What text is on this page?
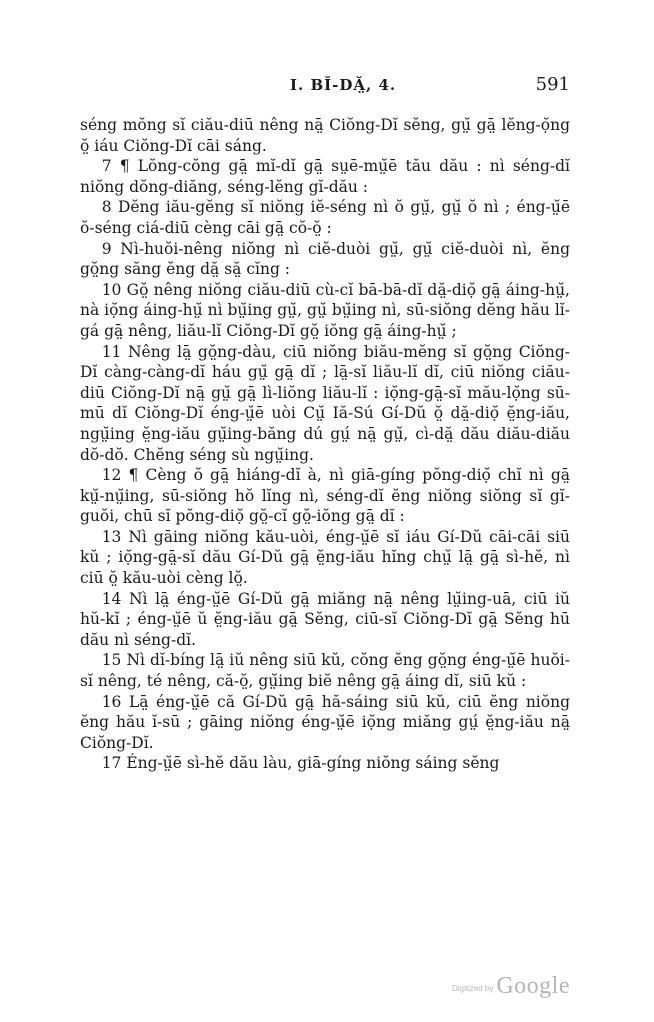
I. BĬ-DĂ̤, 4.	591

séng mŏng sĭ ciău-diū nêng nā̤ Ciŏng-Dĭ sĕng, gṳ̆ gā̤ lĕng-ọ̆ng ŏ̤ iáu Ciŏng-Dĭ cāi sáng.

7 ¶ Lŏng-cŏng gā̤ mĭ-dĭ gā̤ sṳē-mṳ̆ē tău dău : nì séng-dĭ niŏng dŏng-diăng, séng-lĕng gĭ-dău :

8 Dĕng iău-gĕng sĭ niŏng iĕ-séng nì ŏ gṳ̆, gṳ̆ ŏ nì ; éng-ṳ̆ē ŏ-séng ciá-diū cèng cāi gā̤ cŏ-ŏ̤ :

9 Nì-huŏi-nêng niŏng nì ciĕ-duòi gṳ̆, gṳ̆ ciĕ-duòi nì, ĕng gŏ̤ng săng ĕng dă̤ să̤ cĭng :

10 Gŏ̤ nêng niŏng ciău-diū cù-cĭ bā-bā-dĭ dă̤-diọ̆ gā̤ áing-hṳ̆, nà iọ̆ng áing-hṳ̆ nì bṳ̆ing gṳ̆, gṳ̆ bṳ̆ing nì, sū-siŏng dĕng hău lĭ-gá gā̤ nêng, liău-lĭ Ciŏng-Dĭ gŏ̤ iŏng gā̤ áing-hṳ̆ ;

11 Nêng lā̤ gŏ̤ng-dàu, ciū niŏng biău-mĕng sĭ gŏ̤ng Ciŏng-Dĭ càng-càng-dĭ háu gṳ̆ gā̤ dĭ ; lā̤-sĭ liău-lĭ dĭ, ciū niŏng ciău-diū Ciŏng-Dĭ nā̤ gṳ̆ gā̤ lì-liŏng liău-lĭ : iọ̆ng-gā̤-sĭ mău-lọ̆ng sū-mū dĭ Ciŏng-Dĭ éng-ṳ̆ē uòi Cṳ̆ Iă-Sú Gí-Dŭ ŏ̤ dă̤-diọ̆ ĕ̤ng-iău, ngṳ̆ing ĕ̤ng-iău gṳ̆ing-băng dú gṳ́ nā̤ gṳ̆, cì-dă̤ dău diău-diău dŏ-dŏ. Chĕng séng sù ngṳ̆ing.

12 ¶ Cèng ŏ gā̤ hiáng-dĭ à, nì giā-gíng pŏng-diọ̆ chĭ nì gā̤ kṳ̆-nṳ̆ing, sū-siŏng hŏ lĭng nì, séng-dĭ ĕng niŏng siŏng sĭ gĭ-guŏi, chū sĭ pŏng-diọ̆ gŏ̤-cĭ gŏ̤-iŏng gā̤ dĭ :

13 Nì gāing niŏng kău-uòi, éng-ṳ̆ē sĭ iáu Gí-Dŭ cāi-cāi siū kŭ ; iọ̆ng-gā̤-sĭ dău Gí-Dŭ gā̤ ĕ̤ng-iău hĭng chṳ̆ lā̤ gā̤ sì-hĕ, nì ciū ŏ̤ kău-uòi cèng lŏ̤.

14 Nì lā̤ éng-ṳ̆ē Gí-Dŭ gā̤ miăng nā̤ nêng lṳ̆ing-uā, ciū iŭ hŭ-kĭ ; éng-ṳ̆ē ŭ ĕ̤ng-iău gā̤ Sĕng, ciū-sĭ Ciŏng-Dĭ gā̤ Sĕng hū dău nì séng-dĭ.

15 Nì dĭ-bíng lā̤ iŭ nêng siū kŭ, cŏng ĕng gŏ̤ng éng-ṳ̆ē huŏi-sĭ nêng, té nêng, că-ŏ̤, gṳ̆ing biĕ nêng gā̤ áing dĭ, siū kŭ :

16 Lā̤ éng-ṳ̆ē că Gí-Dŭ gā̤ hă-sáing siū kŭ, ciū ĕng niŏng ĕng hău ĭ-sū ; gāing niŏng éng-ṳ̆ē iọ̆ng miăng gṳ́ ĕ̤ng-iău nā̤ Ciŏng-Dĭ.

17 Éng-ṳ̆ē sì-hĕ dău làu, giā-gíng niŏng sáing sĕng

Digitized by Google
